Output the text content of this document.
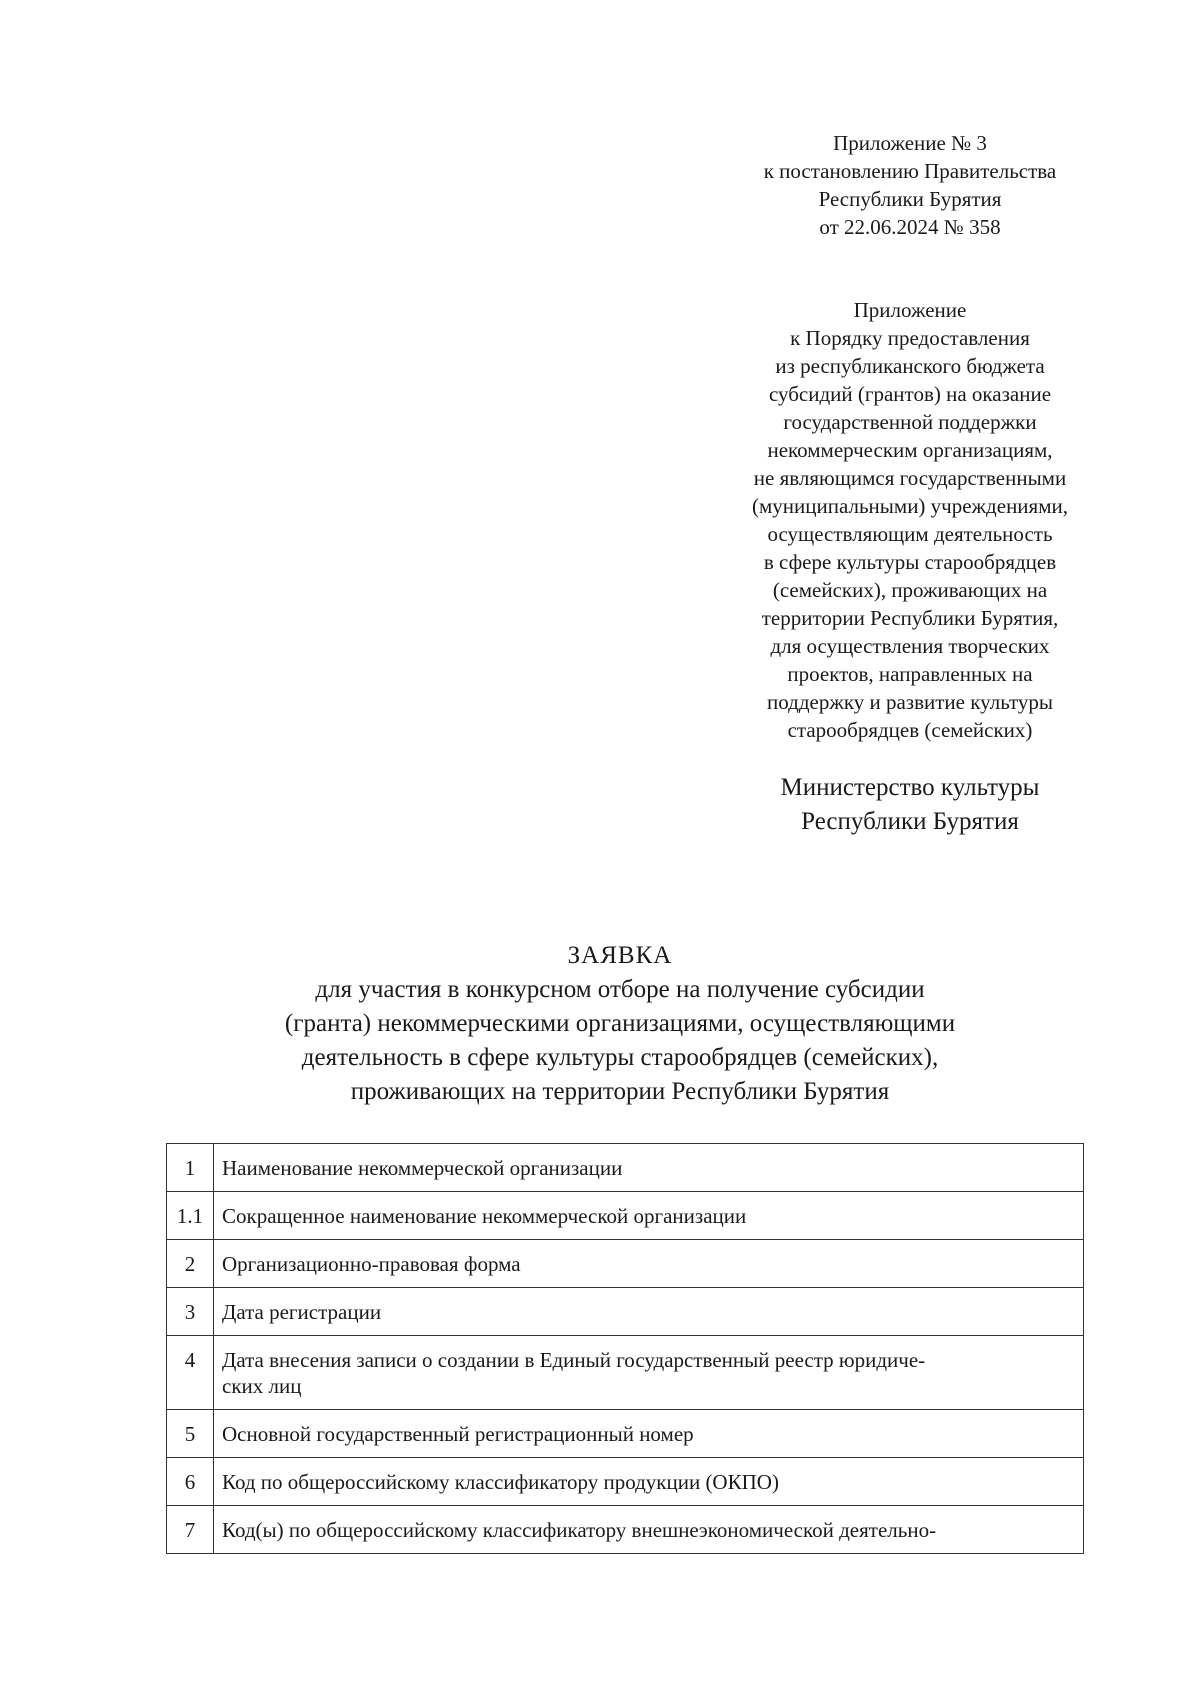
Приложение № 3
к постановлению Правительства
Республики Бурятия
от 22.06.2024 № 358
Приложение
к Порядку предоставления
из республиканского бюджета
субсидий (грантов) на оказание
государственной поддержки
некоммерческим организациям,
не являющимся государственными
(муниципальными) учреждениями,
осуществляющим деятельность
в сфере культуры старообрядцев
(семейских), проживающих на
территории Республики Бурятия,
для осуществления творческих
проектов, направленных на
поддержку и развитие культуры
старообрядцев (семейских)
Министерство культуры
Республики Бурятия
ЗАЯВКА
для участия в конкурсном отборе на получение субсидии
(гранта) некоммерческими организациями, осуществляющими
деятельность в сфере культуры старообрядцев (семейских),
проживающих на территории Республики Бурятия
1	Наименование некоммерческой организации
1.1	Сокращенное наименование некоммерческой организации
2	Организационно-правовая форма
3	Дата регистрации
4	Дата внесения записи о создании в Единый государственный реестр юридиче-
ских лиц

5	Основной государственный регистрационный номер
6	Код по общероссийскому классификатору продукции (ОКПО)
7	Код(ы) по общероссийскому классификатору внешнеэкономической деятельно-
